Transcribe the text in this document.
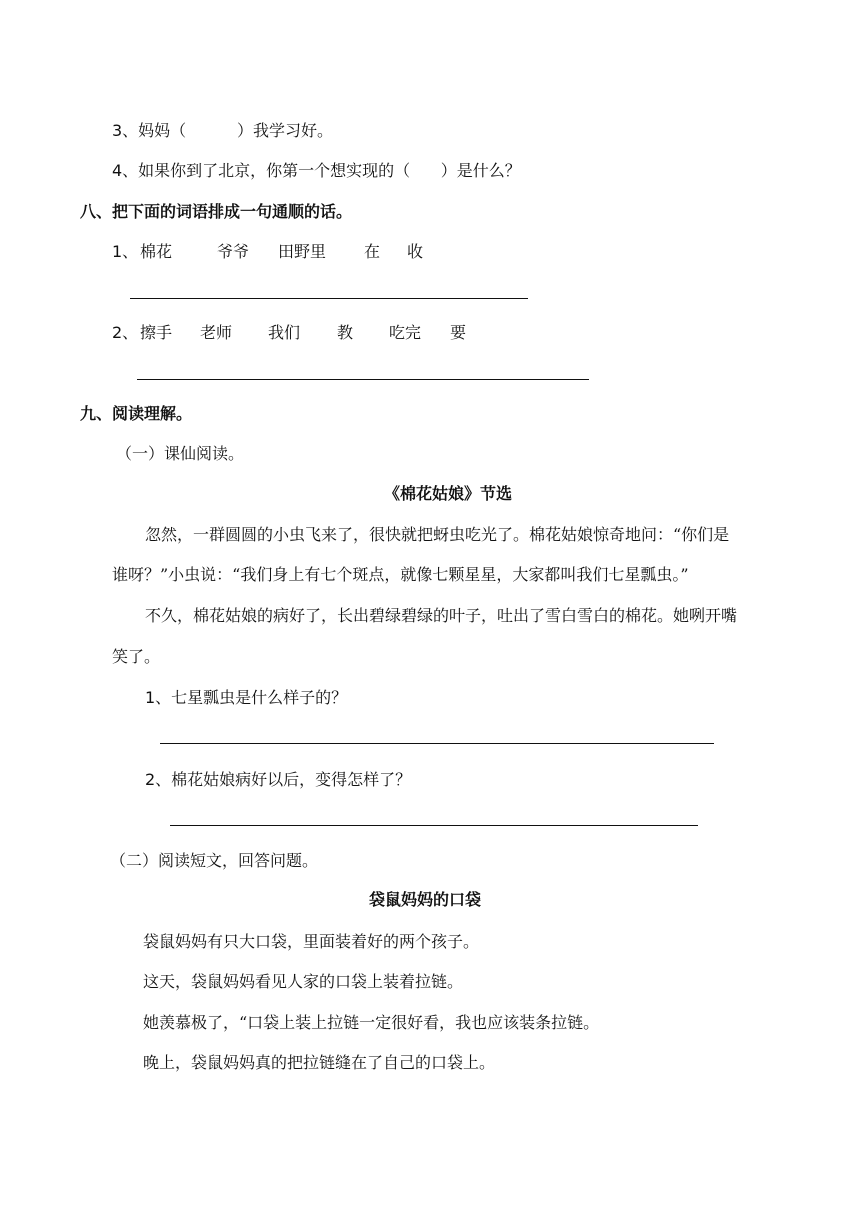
3、妈妈（          ）我学习好。
4、如果你到了北京，你第一个想实现的（      ）是什么？
八、把下面的词语排成一句通顺的话。
1、 棉花	爷爷 田野里 在 收
2、 擦手 老师 我们 教 吃完 要
九、阅读理解。
（一）课仙阅读。
《棉花姑娘》节选
忽然，一群圆圆的小虫飞来了，很快就把蚜虫吃光了。棉花姑娘惊奇地问：“你们是
谁呀？”小虫说：“我们身上有七个斑点，就像七颗星星，大家都叫我们七星瓢虫。”
不久，棉花姑娘的病好了，长出碧绿碧绿的叶子，吐出了雪白雪白的棉花。她咧开嘴
笑了。
1、七星瓢虫是什么样子的？
2、棉花姑娘病好以后，变得怎样了？
（二）阅读短文，回答问题。
袋鼠妈妈的口袋
袋鼠妈妈有只大口袋，里面装着好的两个孩子。
这天，袋鼠妈妈看见人家的口袋上装着拉链。
她羡慕极了，“口袋上装上拉链一定很好看，我也应该装条拉链。
晚上，袋鼠妈妈真的把拉链缝在了自己的口袋上。
